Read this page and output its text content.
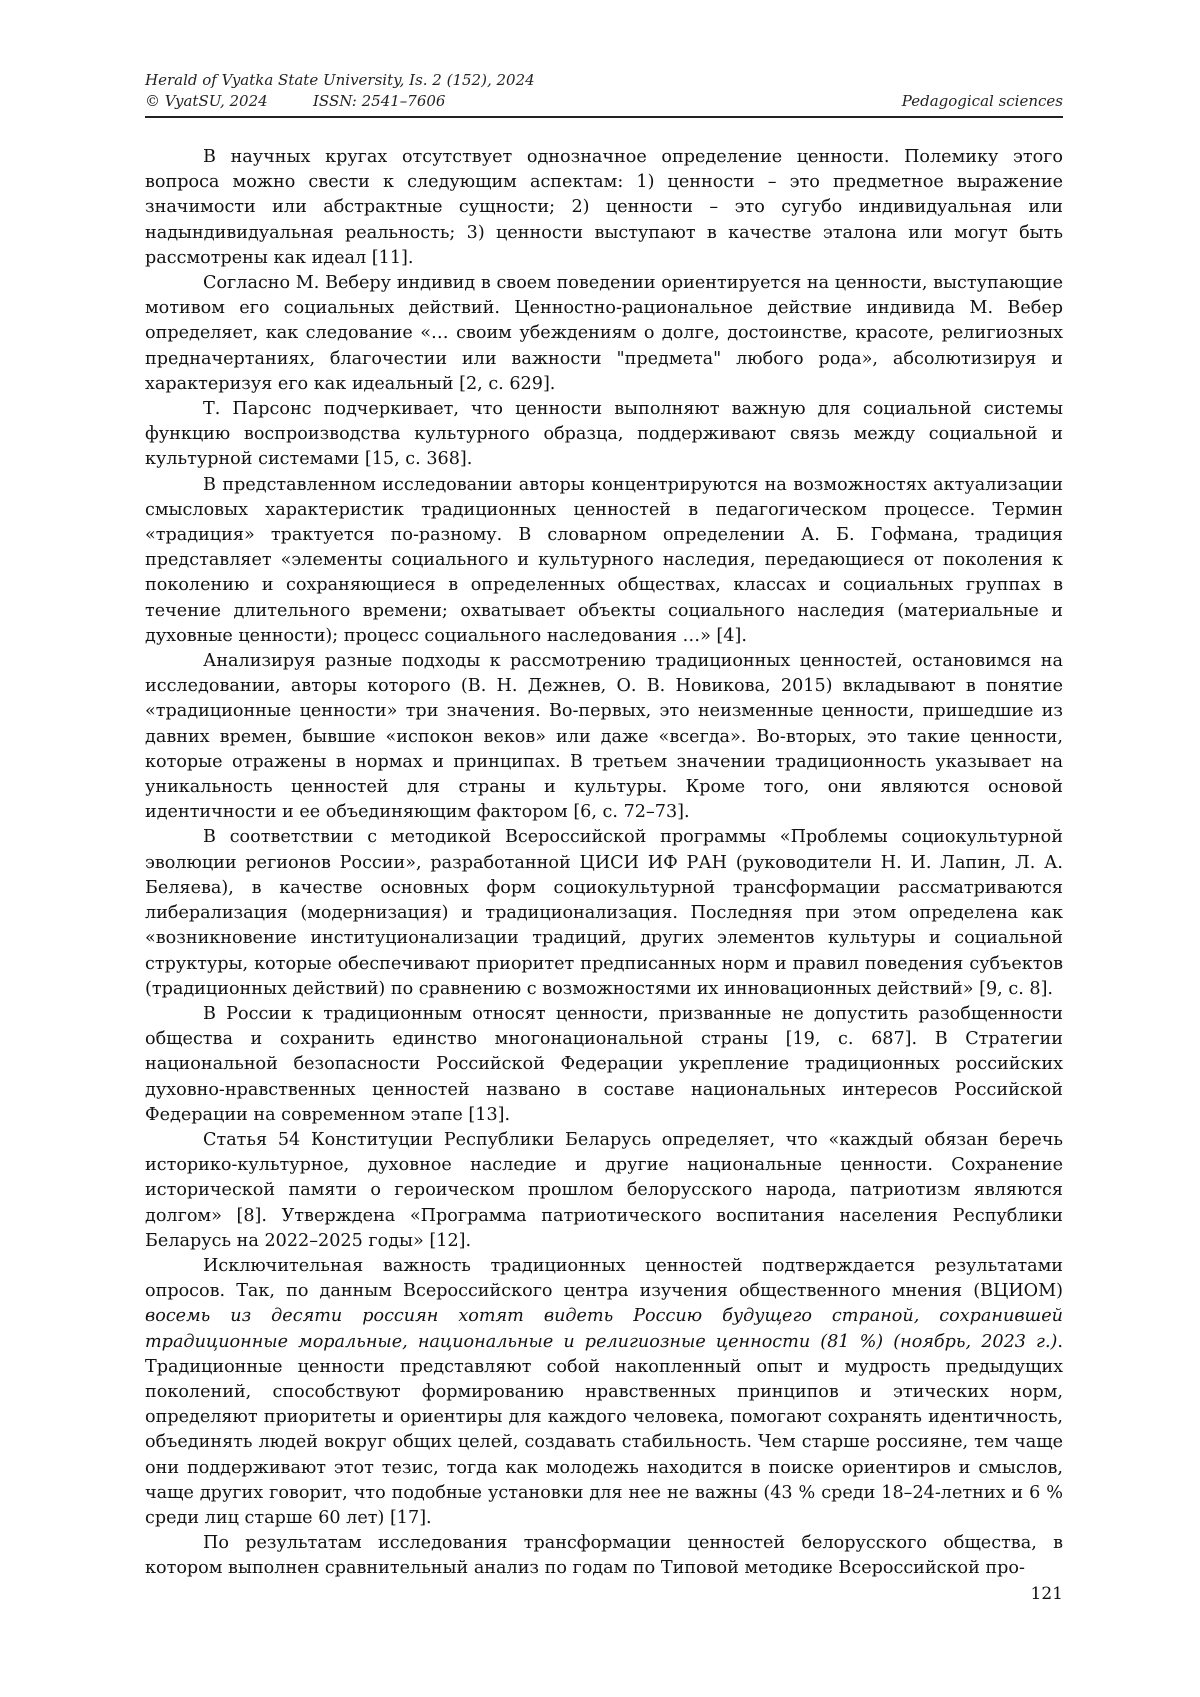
Herald of Vyatka State University, Is. 2 (152), 2024
© VyatSU, 2024	ISSN: 2541–7606	Pedagogical sciences

В научных кругах отсутствует однозначное определение ценности. Полемику этого вопроса можно свести к следующим аспектам: 1) ценности – это предметное выражение значимости или абстрактные сущности; 2) ценности – это сугубо индивидуальная или надындивидуальная реальность; 3) ценности выступают в качестве эталона или могут быть рассмотрены как идеал [11].

Согласно М. Веберу индивид в своем поведении ориентируется на ценности, выступающие мотивом его социальных действий. Ценностно-рациональное действие индивида М. Вебер определяет, как следование «… своим убеждениям о долге, достоинстве, красоте, религиозных предначертаниях, благочестии или важности "предмета" любого рода», абсолютизируя и характеризуя его как идеальный [2, с. 629].

Т. Парсонс подчеркивает, что ценности выполняют важную для социальной системы функцию воспроизводства культурного образца, поддерживают связь между социальной и культурной системами [15, с. 368].

В представленном исследовании авторы концентрируются на возможностях актуализации смысловых характеристик традиционных ценностей в педагогическом процессе. Термин «традиция» трактуется по-разному. В словарном определении А. Б. Гофмана, традиция представляет «элементы социального и культурного наследия, передающиеся от поколения к поколению и сохраняющиеся в определенных обществах, классах и социальных группах в течение длительного времени; охватывает объекты социального наследия (материальные и духовные ценности); процесс социального наследования …» [4].

Анализируя разные подходы к рассмотрению традиционных ценностей, остановимся на исследовании, авторы которого (В. Н. Дежнев, О. В. Новикова, 2015) вкладывают в понятие «традиционные ценности» три значения. Во-первых, это неизменные ценности, пришедшие из давних времен, бывшие «испокон веков» или даже «всегда». Во-вторых, это такие ценности, которые отражены в нормах и принципах. В третьем значении традиционность указывает на уникальность ценностей для страны и культуры. Кроме того, они являются основой идентичности и ее объединяющим фактором [6, с. 72–73].

В соответствии с методикой Всероссийской программы «Проблемы социокультурной эволюции регионов России», разработанной ЦИСИ ИФ РАН (руководители Н. И. Лапин, Л. А. Беляева), в качестве основных форм социокультурной трансформации рассматриваются либерализация (модернизация) и традиционализация. Последняя при этом определена как «возникновение институционализации традиций, других элементов культуры и социальной структуры, которые обеспечивают приоритет предписанных норм и правил поведения субъектов (традиционных действий) по сравнению с возможностями их инновационных действий» [9, с. 8].

В России к традиционным относят ценности, призванные не допустить разобщенности общества и сохранить единство многонациональной страны [19, с. 687]. В Стратегии национальной безопасности Российской Федерации укрепление традиционных российских духовно-нравственных ценностей названо в составе национальных интересов Российской Федерации на современном этапе [13].

Статья 54 Конституции Республики Беларусь определяет, что «каждый обязан беречь историко-культурное, духовное наследие и другие национальные ценности. Сохранение исторической памяти о героическом прошлом белорусского народа, патриотизм являются долгом» [8]. Утверждена «Программа патриотического воспитания населения Республики Беларусь на 2022–2025 годы» [12].

Исключительная важность традиционных ценностей подтверждается результатами опросов. Так, по данным Всероссийского центра изучения общественного мнения (ВЦИОМ) восемь из десяти россиян хотят видеть Россию будущего страной, сохранившей традиционные моральные, национальные и религиозные ценности (81 %) (ноябрь, 2023 г.). Традиционные ценности представляют собой накопленный опыт и мудрость предыдущих поколений, способствуют формированию нравственных принципов и этических норм, определяют приоритеты и ориентиры для каждого человека, помогают сохранять идентичность, объединять людей вокруг общих целей, создавать стабильность. Чем старше россияне, тем чаще они поддерживают этот тезис, тогда как молодежь находится в поиске ориентиров и смыслов, чаще других говорит, что подобные установки для нее не важны (43 % среди 18–24-летних и 6 % среди лиц старше 60 лет) [17].

По результатам исследования трансформации ценностей белорусского общества, в котором выполнен сравнительный анализ по годам по Типовой методике Всероссийской про-

121
